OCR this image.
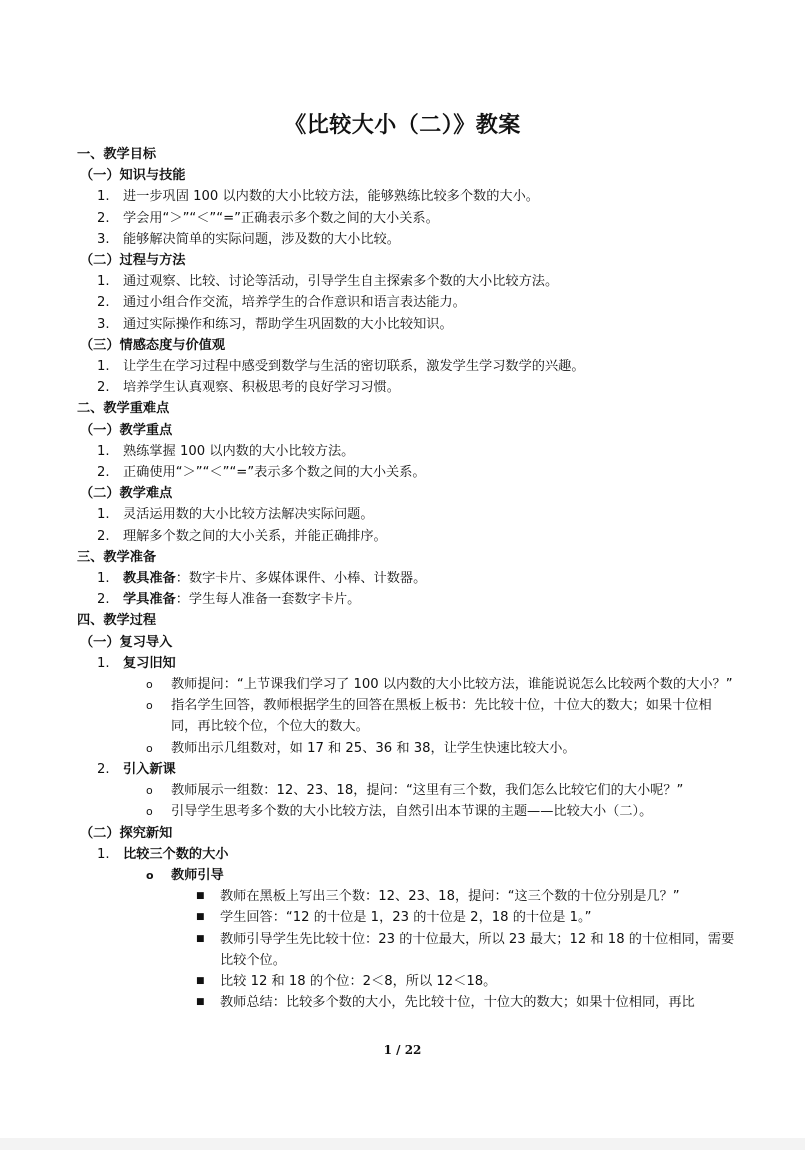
《比较大小（二）》教案
一、教学目标
（一）知识与技能
1. 进一步巩固 100 以内数的大小比较方法，能够熟练比较多个数的大小。
2. 学会用“＞”“＜”“=”正确表示多个数之间的大小关系。
3. 能够解决简单的实际问题，涉及数的大小比较。
（二）过程与方法
1. 通过观察、比较、讨论等活动，引导学生自主探索多个数的大小比较方法。
2. 通过小组合作交流，培养学生的合作意识和语言表达能力。
3. 通过实际操作和练习，帮助学生巩固数的大小比较知识。
（三）情感态度与价值观
1. 让学生在学习过程中感受到数学与生活的密切联系，激发学生学习数学的兴趣。
2. 培养学生认真观察、积极思考的良好学习习惯。
二、教学重难点
（一）教学重点
1. 熟练掌握 100 以内数的大小比较方法。
2. 正确使用“＞”“＜”“=”表示多个数之间的大小关系。
（二）教学难点
1. 灵活运用数的大小比较方法解决实际问题。
2. 理解多个数之间的大小关系，并能正确排序。
三、教学准备
1. 教具准备：数字卡片、多媒体课件、小棒、计数器。
2. 学具准备：学生每人准备一套数字卡片。
四、教学过程
（一）复习导入
1. 复习旧知
o 教师提问：“上节课我们学习了 100 以内数的大小比较方法，谁能说说怎么比较两个数的大小？”
o 指名学生回答，教师根据学生的回答在黑板上板书：先比较十位，十位大的数大；如果十位相同，再比较个位，个位大的数大。
o 教师出示几组数对，如 17 和 25、36 和 38，让学生快速比较大小。
2. 引入新课
o 教师展示一组数：12、23、18，提问：“这里有三个数，我们怎么比较它们的大小呢？”
o 引导学生思考多个数的大小比较方法，自然引出本节课的主题——比较大小（二）。
（二）探究新知
1. 比较三个数的大小
o 教师引导
■ 教师在黑板上写出三个数：12、23、18，提问：“这三个数的十位分别是几？”
■ 学生回答：“12 的十位是 1，23 的十位是 2，18 的十位是 1。”
■ 教师引导学生先比较十位：23 的十位最大，所以 23 最大；12 和 18 的十位相同，需要比较个位。
■ 比较 12 和 18 的个位：2＜8，所以 12＜18。
■ 教师总结：比较多个数的大小，先比较十位，十位大的数大；如果十位相同，再比
1 / 22
